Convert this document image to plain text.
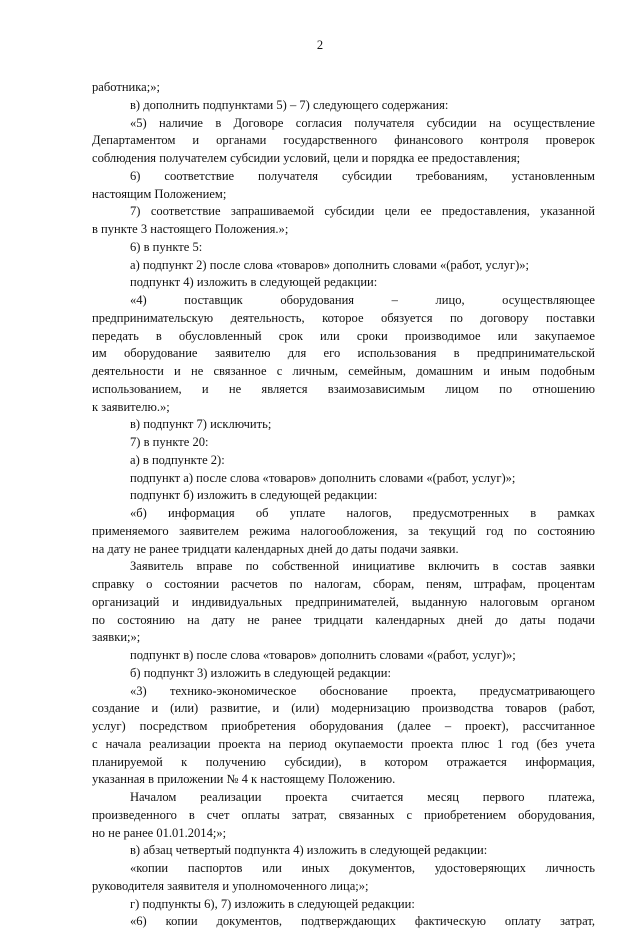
2

работника;»;

в) дополнить подпунктами 5) – 7) следующего содержания:

«5) наличие в Договоре согласия получателя субсидии на осуществление

Департаментом и органами государственного финансового контроля проверок

соблюдения получателем субсидии условий, цели и порядка ее предоставления;

6) соответствие получателя субсидии требованиям, установленным

настоящим Положением;

7) соответствие запрашиваемой субсидии цели ее предоставления, указанной

в пункте 3 настоящего Положения.»;

6) в пункте 5:

а) подпункт 2) после слова «товаров» дополнить словами «(работ, услуг)»;

подпункт 4) изложить в следующей редакции:

«4) поставщик оборудования – лицо, осуществляющее

предпринимательскую деятельность, которое обязуется по договору поставки

передать в обусловленный срок или сроки производимое или закупаемое

им оборудование заявителю для его использования в предпринимательской

деятельности и не связанное с личным, семейным, домашним и иным подобным

использованием, и не является взаимозависимым лицом по отношению

к заявителю.»;

в) подпункт 7) исключить;

7) в пункте 20:

а) в подпункте 2):

подпункт а) после слова «товаров» дополнить словами «(работ, услуг)»;

подпункт б) изложить в следующей редакции:

«б) информация об уплате налогов, предусмотренных в рамках

применяемого заявителем режима налогообложения, за текущий год по состоянию

на дату не ранее тридцати календарных дней до даты подачи заявки.

Заявитель вправе по собственной инициативе включить в состав заявки

справку о состоянии расчетов по налогам, сборам, пеням, штрафам, процентам

организаций и индивидуальных предпринимателей, выданную налоговым органом

по состоянию на дату не ранее тридцати календарных дней до даты подачи

заявки;»;

подпункт в) после слова «товаров» дополнить словами «(работ, услуг)»;

б) подпункт 3) изложить в следующей редакции:

«3) технико-экономическое обоснование проекта, предусматривающего

создание и (или) развитие, и (или) модернизацию производства товаров (работ,

услуг) посредством приобретения оборудования (далее – проект), рассчитанное

с начала реализации проекта на период окупаемости проекта плюс 1 год (без учета

планируемой к получению субсидии), в котором отражается информация,

указанная в приложении № 4 к настоящему Положению.

Началом реализации проекта считается месяц первого платежа,

произведенного в счет оплаты затрат, связанных с приобретением оборудования,

но не ранее 01.01.2014;»;

в) абзац четвертый подпункта 4) изложить в следующей редакции:

«копии паспортов или иных документов, удостоверяющих личность

руководителя заявителя и уполномоченного лица;»;

г) подпункты 6), 7) изложить в следующей редакции:

«6) копии документов, подтверждающих фактическую оплату затрат,
